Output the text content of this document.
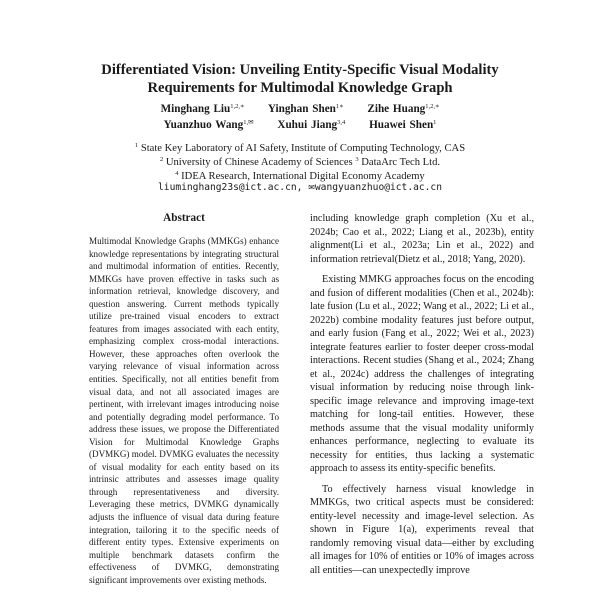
Differentiated Vision: Unveiling Entity-Specific Visual Modality
Requirements for Multimodal Knowledge Graph
Minghang Liu$^{1,2,∗}$ Yinghan Shen$^{1∗}$ Zihe Huang$^{1,2,∗}$
Yuanzhuo Wang$^{1,✉}$ Xuhui Jiang$^{3,4}$ Huawei Shen$^1$
$^1$ State Key Laboratory of AI Safety, Institute of Computing Technology, CAS
$^2$ University of Chinese Academy of Sciences $^3$ DataArc Tech Ltd.
$^4$ IDEA Research, International Digital Economy Academy
liuminghang23s@ict.ac.cn, ✉wangyuanzhuo@ict.ac.cn
Abstract

Multimodal Knowledge Graphs (MMKGs) enhance knowledge representations by integrating structural and multimodal information of entities. Recently, MMKGs have proven effective in tasks such as information retrieval, knowledge discovery, and question answering. Current methods typically utilize pre-trained visual encoders to extract features from images associated with each entity, emphasizing complex cross-modal interactions. However, these approaches often overlook the varying relevance of visual information across entities. Specifically, not all entities benefit from visual data, and not all associated images are pertinent, with irrelevant images introducing noise and potentially degrading model performance. To address these issues, we propose the Differentiated Vision for Multimodal Knowledge Graphs (DVMKG) model. DVMKG evaluates the necessity of visual modality for each entity based on its intrinsic attributes and assesses image quality through representativeness and diversity. Leveraging these metrics, DVMKG dynamically adjusts the influence of visual data during feature integration, tailoring it to the specific needs of different entity types. Extensive experiments on multiple benchmark datasets confirm the effectiveness of DVMKG, demonstrating significant improvements over existing methods.

including knowledge graph completion (Xu et al., 2024b; Cao et al., 2022; Liang et al., 2023b), entity alignment(Li et al., 2023a; Lin et al., 2022) and information retrieval(Dietz et al., 2018; Yang, 2020).

Existing MMKG approaches focus on the encoding and fusion of different modalities (Chen et al., 2024b): late fusion (Lu et al., 2022; Wang et al., 2022; Li et al., 2022b) combine modality features just before output, and early fusion (Fang et al., 2022; Wei et al., 2023) integrate features earlier to foster deeper cross-modal interactions. Recent studies (Shang et al., 2024; Zhang et al., 2024c) address the challenges of integrating visual information by reducing noise through link-specific image relevance and improving image-text matching for long-tail entities. However, these methods assume that the visual modality uniformly enhances performance, neglecting to evaluate its necessity for entities, thus lacking a systematic approach to assess its entity-specific benefits.

To effectively harness visual knowledge in MMKGs, two critical aspects must be considered: entity-level necessity and image-level selection. As shown in Figure 1(a), experiments reveal that randomly removing visual data—either by excluding all images for 10% of entities or 10% of images across all entities—can unexpectedly improve
